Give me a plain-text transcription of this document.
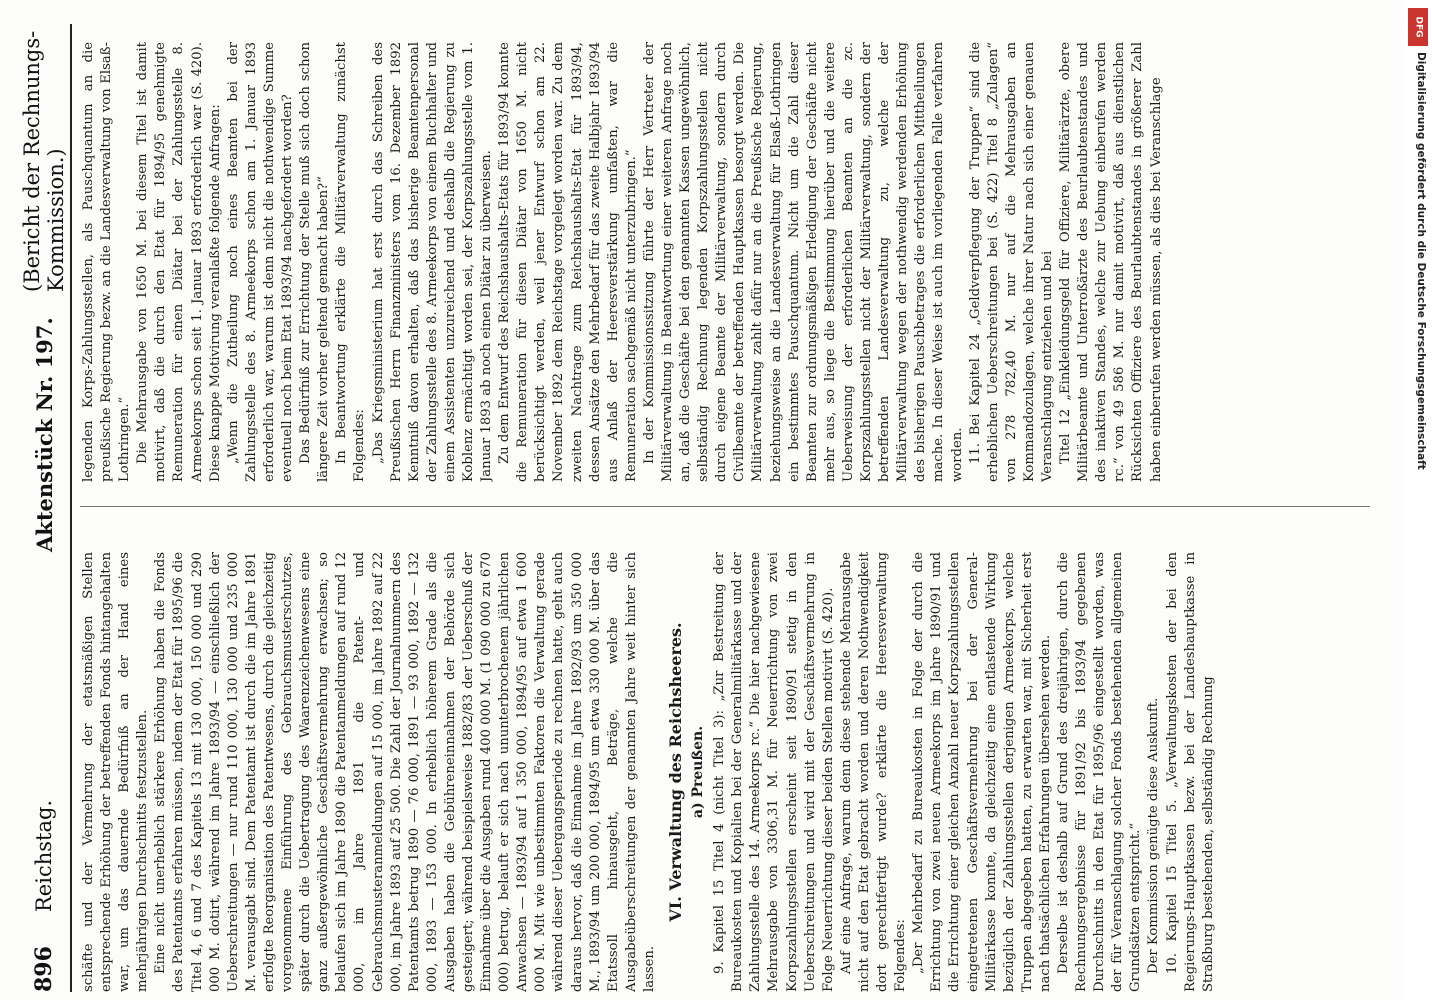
896
Reichstag.
Aktenstück Nr. 197.
(Bericht der Rechnungs-Kommission.)

schäfte und der Vermehrung der etatsmäßigen Stellen entsprechende Erhöhung der betreffenden Fonds hintangehalten war, um das dauernde Bedürfniß an der Hand eines mehrjährigen Durchschnitts festzustellen. Eine nicht unerheblich stärkere Erhöhung haben die Fonds des Patentamts erfahren müssen, indem der Etat für 1895/96 die Titel 4, 6 und 7 des Kapitels 13 mit 130 000, 150 000 und 290 000 M. dotirt, während im Jahre 1893/94 — einschließlich der Ueberschreitungen — nur rund 110 000, 130 000 und 235 000 M. verausgabt sind. Dem Patentamt ist durch die im Jahre 1891 erfolgte Reorganisation des Patentwesens, durch die gleichzeitig vorgenommene Einführung des Gebrauchsmusterschutzes, später durch die Uebertragung des Waarenzeichenwesens eine ganz außergewöhnliche Geschäftsvermehrung erwachsen; so belaufen sich im Jahre 1890 die Patentanmeldungen auf rund 12 000, im Jahre 1891 die Patent- und Gebrauchsmusteranmeldungen auf 15 000, im Jahre 1892 auf 22 000, im Jahre 1893 auf 25 500. Die Zahl der Journalnummern des Patentamts betrug 1890 — 76 000, 1891 — 93 000, 1892 — 132 000, 1893 — 153 000. In erheblich höherem Grade als die Ausgaben haben die Gebühreneinnahmen der Behörde sich gesteigert; während beispielsweise 1882/83 der Ueberschuß der Einnahme über die Ausgaben rund 400 000 M. (1 090 000 zu 670 000) betrug, belauft er sich nach ununterbrochenem jährlichen Anwachsen — 1893/94 auf 1 350 000, 1894/95 auf etwa 1 600 000 M. Mit wie unbestimmten Faktoren die Verwaltung gerade während dieser Uebergangsperiode zu rechnen hatte, geht auch daraus hervor, daß die Einnahme im Jahre 1892/93 um 350 000 M., 1893/94 um 200 000, 1894/95 um etwa 330 000 M. über das Etatssoll hinausgeht, Beträge, welche die Ausgabeüberschreitungen der genannten Jahre weit hinter sich lassen.

VI. Verwaltung des Reichsheeres. a) Preußen. 9. Kapitel 15 Titel 4 (nicht Titel 3): „Zur Bestreitung der Bureaukosten und Kopialien bei der Generalmilitärkasse und der Zahlungsstelle des 14. Armeekorps rc.“ Die hier nachgewiesene Mehrausgabe von 3306,31 M. für Neuerrichtung von zwei Korpszahlungsstellen erscheint seit 1890/91 stetig in den Ueberschreitungen und wird mit der Geschäftsvermehrung in Folge Neuerrichtung dieser beiden Stellen motivirt (S. 420). Auf eine Anfrage, warum denn diese stehende Mehrausgabe nicht auf den Etat gebracht worden und deren Nothwendigkeit dort gerechtfertigt wurde? erklärte die Heeresverwaltung Folgendes: „Der Mehrbedarf zu Bureaukosten in Folge der durch die Errichtung von zwei neuen Armeekorps im Jahre 1890/91 und die Errichtung einer gleichen Anzahl neuer Korpszahlungsstellen eingetretenen Geschäftsvermehrung bei der General-Militärkasse konnte, da gleichzeitig eine entlastende Wirkung bezüglich der Zahlungsstellen derjenigen Armeekorps, welche Truppen abgegeben hatten, zu erwarten war, mit Sicherheit erst nach thatsächlichen Erfahrungen übersehen werden. Derselbe ist deshalb auf Grund des dreijährigen, durch die Rechnungsergebnisse für 1891/92 bis 1893/94 gegebenen Durchschnitts in den Etat für 1895/96 eingestellt worden, was der für Veranschlagung solcher Fonds bestehenden allgemeinen Grundsätzen entspricht.“ Der Kommission genügte diese Auskunft. 10. Kapitel 15 Titel 5. „Verwaltungskosten der bei den Regierungs-Hauptkassen bezw. bei der Landeshauptkasse in Straßburg bestehenden, selbständig Rechnung

legenden Korps-Zahlungsstellen, als Pauschquantum an die preußische Regierung bezw. an die Landesverwaltung von Elsaß-Lothringen.“ Die Mehrausgabe von 1650 M. bei diesem Titel ist damit motivirt, daß die durch den Etat für 1894/95 genehmigte Remuneration für einen Diätar bei der Zahlungsstelle 8. Armeekorps schon seit 1. Januar 1893 erforderlich war (S. 420). Diese knappe Motivirung veranlaßte folgende Anfragen: „Wenn die Zutheilung noch eines Beamten bei der Zahlungsstelle des 8. Armeekorps schon am 1. Januar 1893 erforderlich war, warum ist denn nicht die nothwendige Summe eventuell noch beim Etat 1893/94 nachgefordert worden? Das Bedürfniß zur Errichtung der Stelle muß sich doch schon längere Zeit vorher geltend gemacht haben?“ In Beantwortung erklärte die Militärverwaltung zunächst Folgendes: „Das Kriegsministerium hat erst durch das Schreiben des Preußischen Herrn Finanzministers vom 16. Dezember 1892 Kenntniß davon erhalten, daß das bisherige Beamtenpersonal der Zahlungsstelle des 8. Armeekorps von einem Buchhalter und einem Assistenten unzureichend und deshalb die Regierung zu Koblenz ermächtigt worden sei, der Korpszahlungsstelle vom 1. Januar 1893 ab noch einen Diätar zu überweisen. Zu dem Entwurf des Reichshaushalts-Etats für 1893/94 konnte die Remuneration für diesen Diätar von 1650 M. nicht berücksichtigt werden, weil jener Entwurf schon am 22. November 1892 dem Reichstage vorgelegt worden war. Zu dem zweiten Nachtrage zum Reichshaushalts-Etat für 1893/94, dessen Ansätze den Mehrbedarf für das zweite Halbjahr 1893/94 aus Anlaß der Heeresverstärkung umfaßten, war die Remuneration sachgemäß nicht unterzubringen.“ In der Kommissionssitzung führte der Herr Vertreter der Militärverwaltung in Beantwortung einer weiteren Anfrage noch an, daß die Geschäfte bei den genannten Kassen ungewöhnlich, selbständig Rechnung legenden Korpszahlungsstellen nicht durch eigene Beamte der Militärverwaltung, sondern durch Civilbeamte der betreffenden Hauptkassen besorgt werden. Die Militärverwaltung zahlt dafür nur an die Preußische Regierung, beziehungsweise an die Landesverwaltung für Elsaß-Lothringen ein bestimmtes Pauschquantum. Nicht um die Zahl dieser Beamten zur ordnungsmäßigen Erledigung der Geschäfte nicht mehr aus, so liege die Bestimmung hierüber und die weitere Ueberweisung der erforderlichen Beamten an die zc. Korpszahlungsstellen nicht der Militärverwaltung, sondern der betreffenden Landesverwaltung zu, welche der Militärverwaltung wegen der nothwendig werdenden Erhöhung des bisherigen Pauschbetrages die erforderlichen Mittheilungen mache. In dieser Weise ist auch im vorliegenden Falle verfahren worden. 11. Bei Kapitel 24 „Geldverpflegung der Truppen“ sind die erheblichen Ueberschreitungen bei (S. 422) Titel 8 „Zulagen“ von 278 782,40 M. nur auf die Mehrausgaben an Kommandozulagen, welche ihrer Natur nach sich einer genauen Veranschlagung entziehen und bei Titel 12 „Einkleidungsgeld für Offiziere, Militärärzte, obere Militärbeamte und Unterroßärzte des Beurlaubtenstandes und des inaktiven Standes, welche zur Uebung einberufen werden rc.“ von 49 586 M. nur damit motivirt, daß aus dienstlichen Rücksichten Offiziere des Beurlaubtenstandes in größerer Zahl haben einberufen werden müssen, als dies bei Veranschlage

DFG
Digitalisierung gefördert durch die Deutsche Forschungsgemeinschaft
